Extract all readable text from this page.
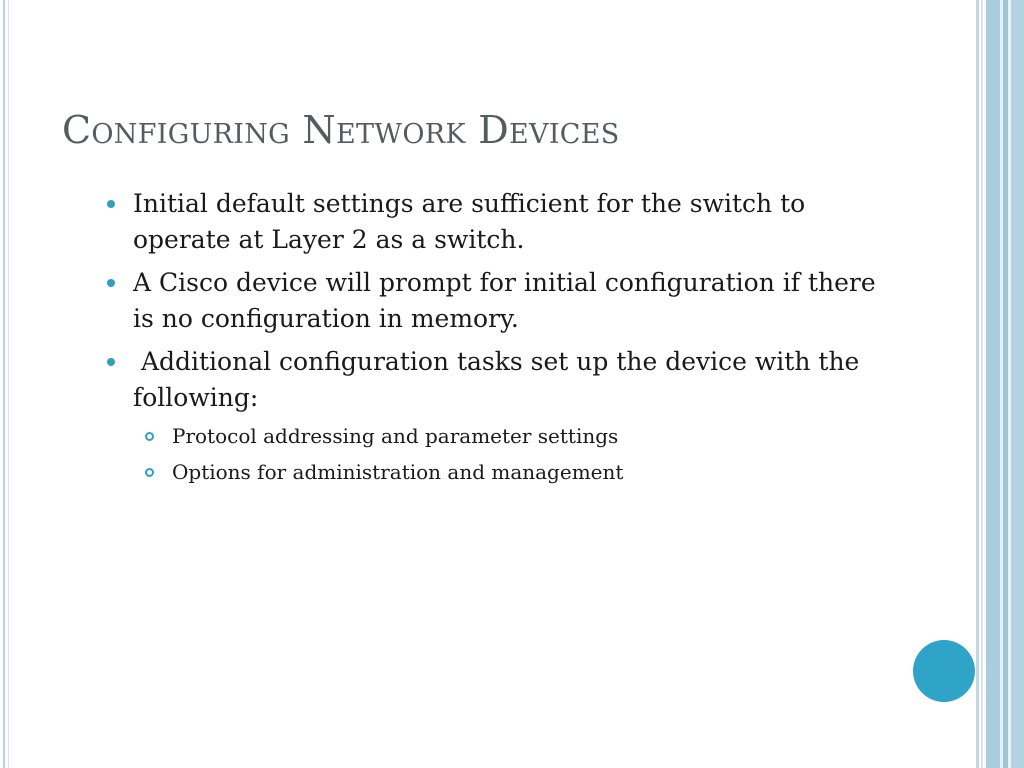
Configuring Network Devices
Initial default settings are sufficient for the switch to operate at Layer 2 as a switch.
A Cisco device will prompt for initial configuration if there is no configuration in memory.
Additional configuration tasks set up the device with the following:
Protocol addressing and parameter settings
Options for administration and management
